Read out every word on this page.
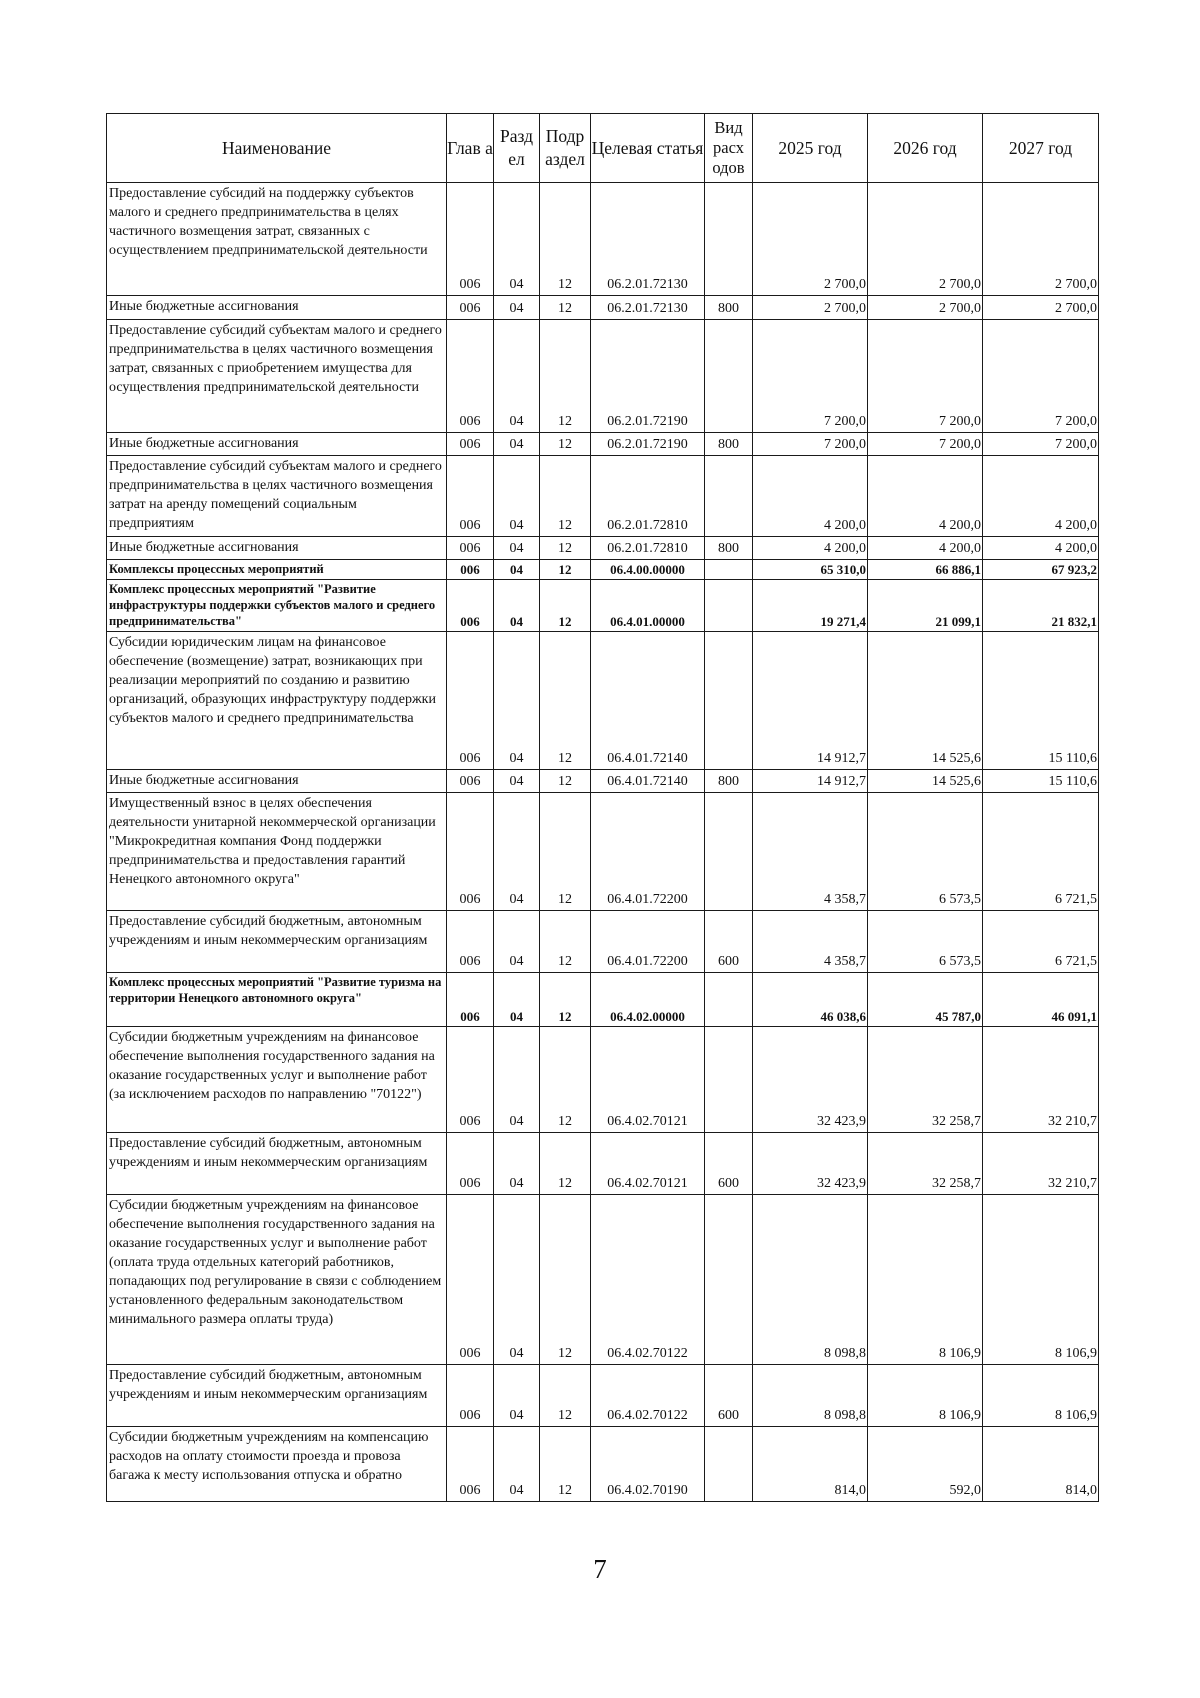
Наименование	Глав а	Разд ел	Подр аздел	Целевая статья	Вид расх одов	2025 год	2026 год	2027 год
Предоставление субсидий на поддержку субъектов малого и среднего предпринимательства в целях частичного возмещения затрат, связанных с осуществлением предпринимательской деятельности	006	04	12	06.2.01.72130		2 700,0	2 700,0	2 700,0
Иные бюджетные ассигнования	006	04	12	06.2.01.72130	800	2 700,0	2 700,0	2 700,0
Предоставление субсидий субъектам малого и среднего предпринимательства в целях частичного возмещения затрат, связанных с приобретением имущества для осуществления предпринимательской деятельности	006	04	12	06.2.01.72190		7 200,0	7 200,0	7 200,0
Иные бюджетные ассигнования	006	04	12	06.2.01.72190	800	7 200,0	7 200,0	7 200,0
Предоставление субсидий субъектам малого и среднего предпринимательства в целях частичного возмещения затрат на аренду помещений социальным предприятиям	006	04	12	06.2.01.72810		4 200,0	4 200,0	4 200,0
Иные бюджетные ассигнования	006	04	12	06.2.01.72810	800	4 200,0	4 200,0	4 200,0
Комплексы процессных мероприятий	006	04	12	06.4.00.00000		65 310,0	66 886,1	67 923,2
Комплекс процессных мероприятий "Развитие инфраструктуры поддержки субъектов малого и среднего предпринимательства"	006	04	12	06.4.01.00000		19 271,4	21 099,1	21 832,1
Субсидии юридическим лицам на финансовое обеспечение (возмещение) затрат, возникающих при реализации мероприятий по созданию и развитию организаций, образующих инфраструктуру поддержки субъектов малого и среднего предпринимательства	006	04	12	06.4.01.72140		14 912,7	14 525,6	15 110,6
Иные бюджетные ассигнования	006	04	12	06.4.01.72140	800	14 912,7	14 525,6	15 110,6
Имущественный взнос в целях обеспечения деятельности унитарной некоммерческой организации "Микрокредитная компания Фонд поддержки предпринимательства и предоставления гарантий Ненецкого автономного округа"	006	04	12	06.4.01.72200		4 358,7	6 573,5	6 721,5
Предоставление субсидий бюджетным, автономным учреждениям и иным некоммерческим организациям	006	04	12	06.4.01.72200	600	4 358,7	6 573,5	6 721,5
Комплекс процессных мероприятий "Развитие туризма на территории Ненецкого автономного округа"	006	04	12	06.4.02.00000		46 038,6	45 787,0	46 091,1
Субсидии бюджетным учреждениям на финансовое обеспечение выполнения государственного задания на оказание государственных услуг и выполнение работ (за исключением расходов по направлению "70122")	006	04	12	06.4.02.70121		32 423,9	32 258,7	32 210,7
Предоставление субсидий бюджетным, автономным учреждениям и иным некоммерческим организациям	006	04	12	06.4.02.70121	600	32 423,9	32 258,7	32 210,7
Субсидии бюджетным учреждениям на финансовое обеспечение выполнения государственного задания на оказание государственных услуг и выполнение работ (оплата труда отдельных категорий работников, попадающих под регулирование в связи с соблюдением установленного федеральным законодательством минимального размера оплаты труда)	006	04	12	06.4.02.70122		8 098,8	8 106,9	8 106,9
Предоставление субсидий бюджетным, автономным учреждениям и иным некоммерческим организациям	006	04	12	06.4.02.70122	600	8 098,8	8 106,9	8 106,9
Субсидии бюджетным учреждениям на компенсацию расходов на оплату стоимости проезда и провоза багажа к месту использования отпуска и обратно	006	04	12	06.4.02.70190		814,0	592,0	814,0
7
